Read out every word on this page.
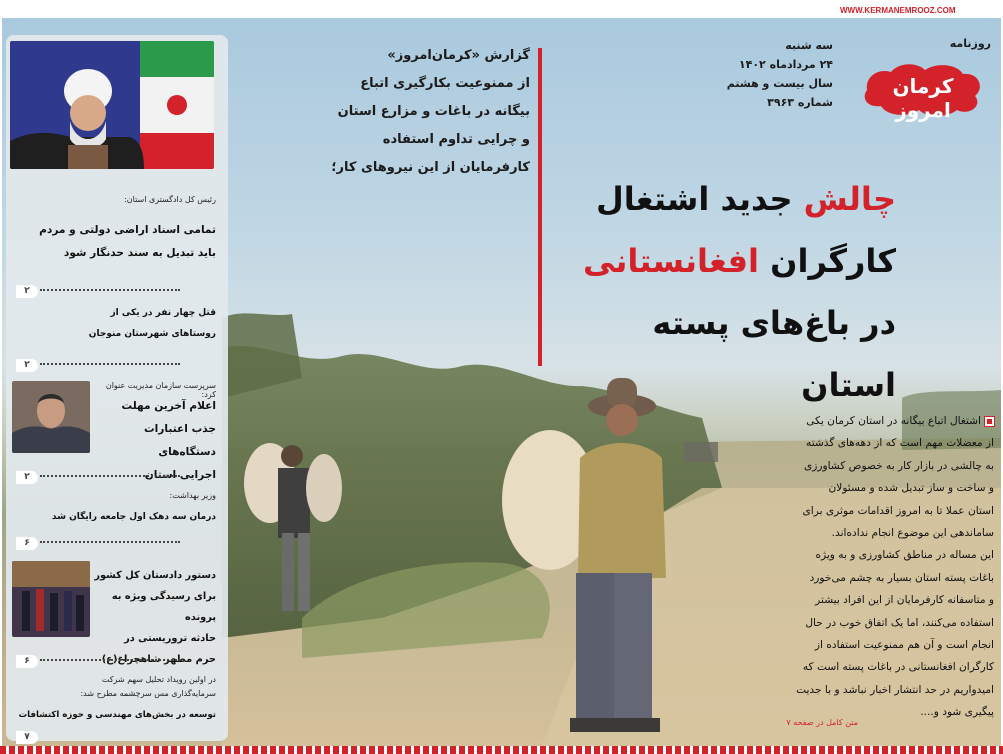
WWW.KERMANEMROOZ.COM
روزنامه
کرمان امروز
سه شنبه
۲۴ مردادماه ۱۴۰۲
سال بیست و هشتم
شماره ۳۹۶۳
گزارش «کرمان‌امروز»
از ممنوعیت بکارگیری اتباع
بیگانه در باغات و مزارع استان
و چرایی تداوم استفاده
کارفرمایان از این نیروهای کار؛
چالش جدید اشتغال
کارگران افغانستانی
در باغ‌های پسته استان
اشتغال اتباع بیگانه در استان کرمان یکی
از معضلات مهم است که از دهه‌های گذشته
به چالشی در بازار کار به خصوص کشاورزی
و ساخت و ساز تبدیل شده و مسئولان
استان عملا تا به امروز اقدامات موثری برای
ساماندهی این موضوع انجام نداده‌اند.
این مساله در مناطق کشاورزی و به ویژه
باغات پسته استان بسیار به چشم می‌خورد
و متاسفانه کارفرمایان از این افراد بیشتر
استفاده می‌کنند، اما یک اتفاق خوب در حال
انجام است و آن هم ممنوعیت استفاده از
کارگران افغانستانی در باغات پسته است که
امیدواریم در حد انتشار اخبار نباشد و با جدیت
پیگیری شود و....
متن کامل در صفحه ۷
رئیس کل دادگستری استان:
تمامی اسناد اراضی دولتی و مردم
باید تبدیل به سند حدنگار شود
۲
قتل چهار نفر در یکی از
روستاهای شهرستان منوجان
۲
سرپرست سازمان مدیریت عنوان کرد:
اعلام آخرین مهلت
جذب اعتبارات دستگاه‌های
اجرایی استان
۲
وزیر بهداشت:
درمان سه دهک اول جامعه رایگان شد
۶
دستور دادستان کل کشور
برای رسیدگی ویژه به پرونده
حادثه تروریستی در
حرم مطهر شاهچراغ(ع)
۶
در اولین رویداد تحلیل سهم شرکت
سرمایه‌گذاری مس سرچشمه مطرح شد:
توسعه در بخش‌های مهندسی و حوزه اکتشافات
۷
